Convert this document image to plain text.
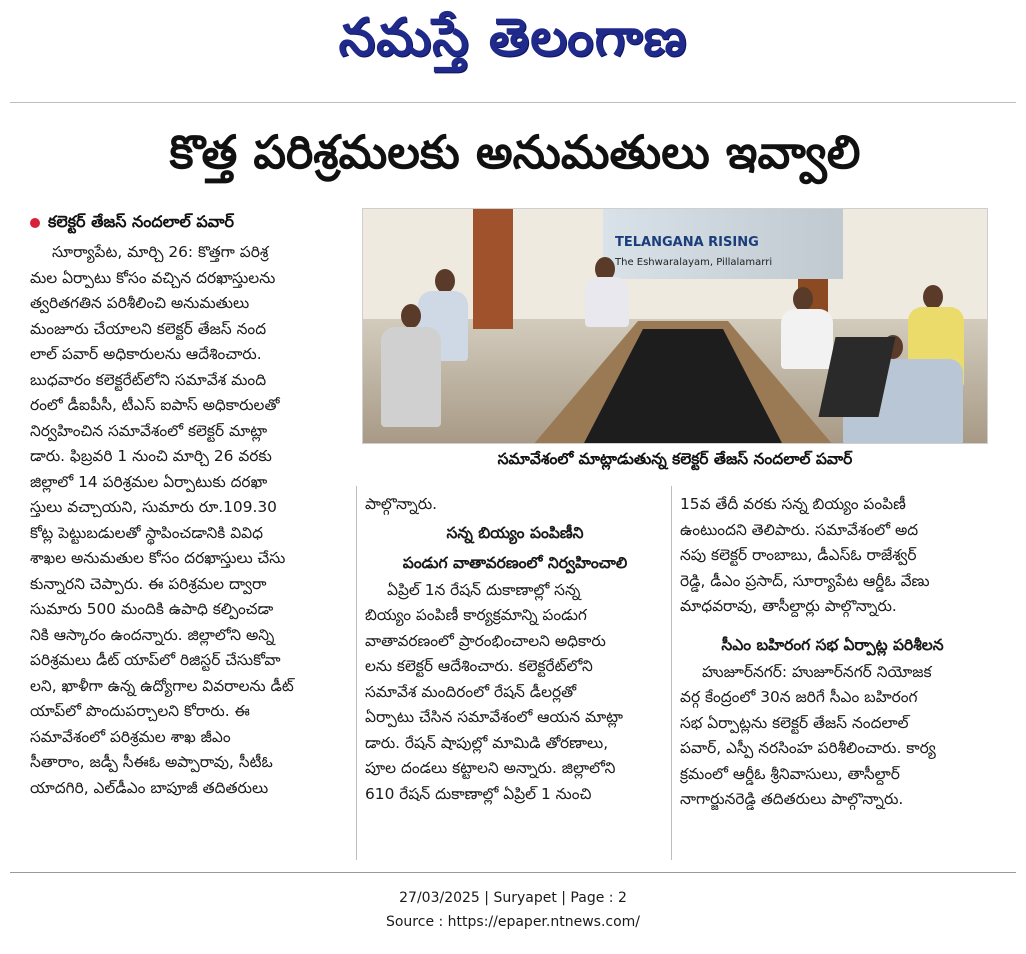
నమస్తే తెలంగాణ
కొత్త పరిశ్రమలకు అనుమతులు ఇవ్వాలి
కలెక్టర్ తేజస్ నందలాల్ పవార్

సూర్యాపేట, మార్చి 26: కొత్తగా పరిశ్ర

మల ఏర్పాటు కోసం వచ్చిన దరఖాస్తులను

త్వరితగతిన పరిశీలించి అనుమతులు

మంజూరు చేయాలని కలెక్టర్ తేజస్ నంద

లాల్ పవార్ అధికారులను ఆదేశించారు.

బుధవారం కలెక్టరేట్‌లోని సమావేశ మంది

రంలో డీఐపీసీ, టీఎస్ ఐపాస్ అధికారులతో

నిర్వహించిన సమావేశంలో కలెక్టర్ మాట్లా

డారు. ఫిబ్రవరి 1 నుంచి మార్చి 26 వరకు

జిల్లాలో 14 పరిశ్రమల ఏర్పాటుకు దరఖా

స్తులు వచ్చాయని, సుమారు రూ.109.30

కోట్ల పెట్టుబడులతో స్థాపించడానికి వివిధ

శాఖల అనుమతుల కోసం దరఖాస్తులు చేసు

కున్నారని చెప్పారు. ఈ పరిశ్రమల ద్వారా

సుమారు 500 మందికి ఉపాధి కల్పించడా

నికి ఆస్కారం ఉందన్నారు. జిల్లాలోని అన్ని

పరిశ్రమలు డీట్ యాప్‌లో రిజిస్టర్ చేసుకోవా

లని, ఖాళీగా ఉన్న ఉద్యోగాల వివరాలను డీట్

యాప్‌లో పొందుపర్చాలని కోరారు. ఈ

సమావేశంలో పరిశ్రమల శాఖ జీఎం

సీతారాం, జడ్పీ సీఈఓ అప్పారావు, సీటీఓ

యాదగిరి, ఎల్‌డీఎం బాపూజీ తదితరులు

TELANGANA RISING
The Eshwaralayam, Pillalamarri
సమావేశంలో మాట్లాడుతున్న కలెక్టర్ తేజస్ నందలాల్ పవార్

పాల్గొన్నారు.

సన్న బియ్యం పంపిణీని
పండుగ వాతావరణంలో నిర్వహించాలి

ఏప్రిల్ 1న రేషన్ దుకాణాల్లో సన్న

బియ్యం పంపిణీ కార్యక్రమాన్ని పండుగ

వాతావరణంలో ప్రారంభించాలని అధికారు

లను కలెక్టర్ ఆదేశించారు. కలెక్టరేట్‌లోని

సమావేశ మందిరంలో రేషన్ డీలర్లతో

ఏర్పాటు చేసిన సమావేశంలో ఆయన మాట్లా

డారు. రేషన్ షాపుల్లో మామిడి తోరణాలు,

పూల దండలు కట్టాలని అన్నారు. జిల్లాలోని

610 రేషన్ దుకాణాల్లో ఏప్రిల్ 1 నుంచి

15వ తేదీ వరకు సన్న బియ్యం పంపిణీ

ఉంటుందని తెలిపారు. సమావేశంలో అద

నపు కలెక్టర్ రాంబాబు, డీఎస్ఓ రాజేశ్వర్

రెడ్డి, డీఎం ప్రసాద్, సూర్యాపేట ఆర్డీఓ వేణు

మాధవరావు, తాసీల్దార్లు పాల్గొన్నారు.

సీఎం బహిరంగ సభ ఏర్పాట్ల పరిశీలన

హుజూర్‌నగర్: హుజూర్‌నగర్ నియోజక

వర్గ కేంద్రంలో 30న జరిగే సీఎం బహిరంగ

సభ ఏర్పాట్లను కలెక్టర్ తేజస్ నందలాల్

పవార్, ఎస్పీ నరసింహ పరిశీలించారు. కార్య

క్రమంలో ఆర్డీఓ శ్రీనివాసులు, తాసీల్దార్

నాగార్జునరెడ్డి తదితరులు పాల్గొన్నారు.

27/03/2025 | Suryapet | Page : 2
Source : https://epaper.ntnews.com/
